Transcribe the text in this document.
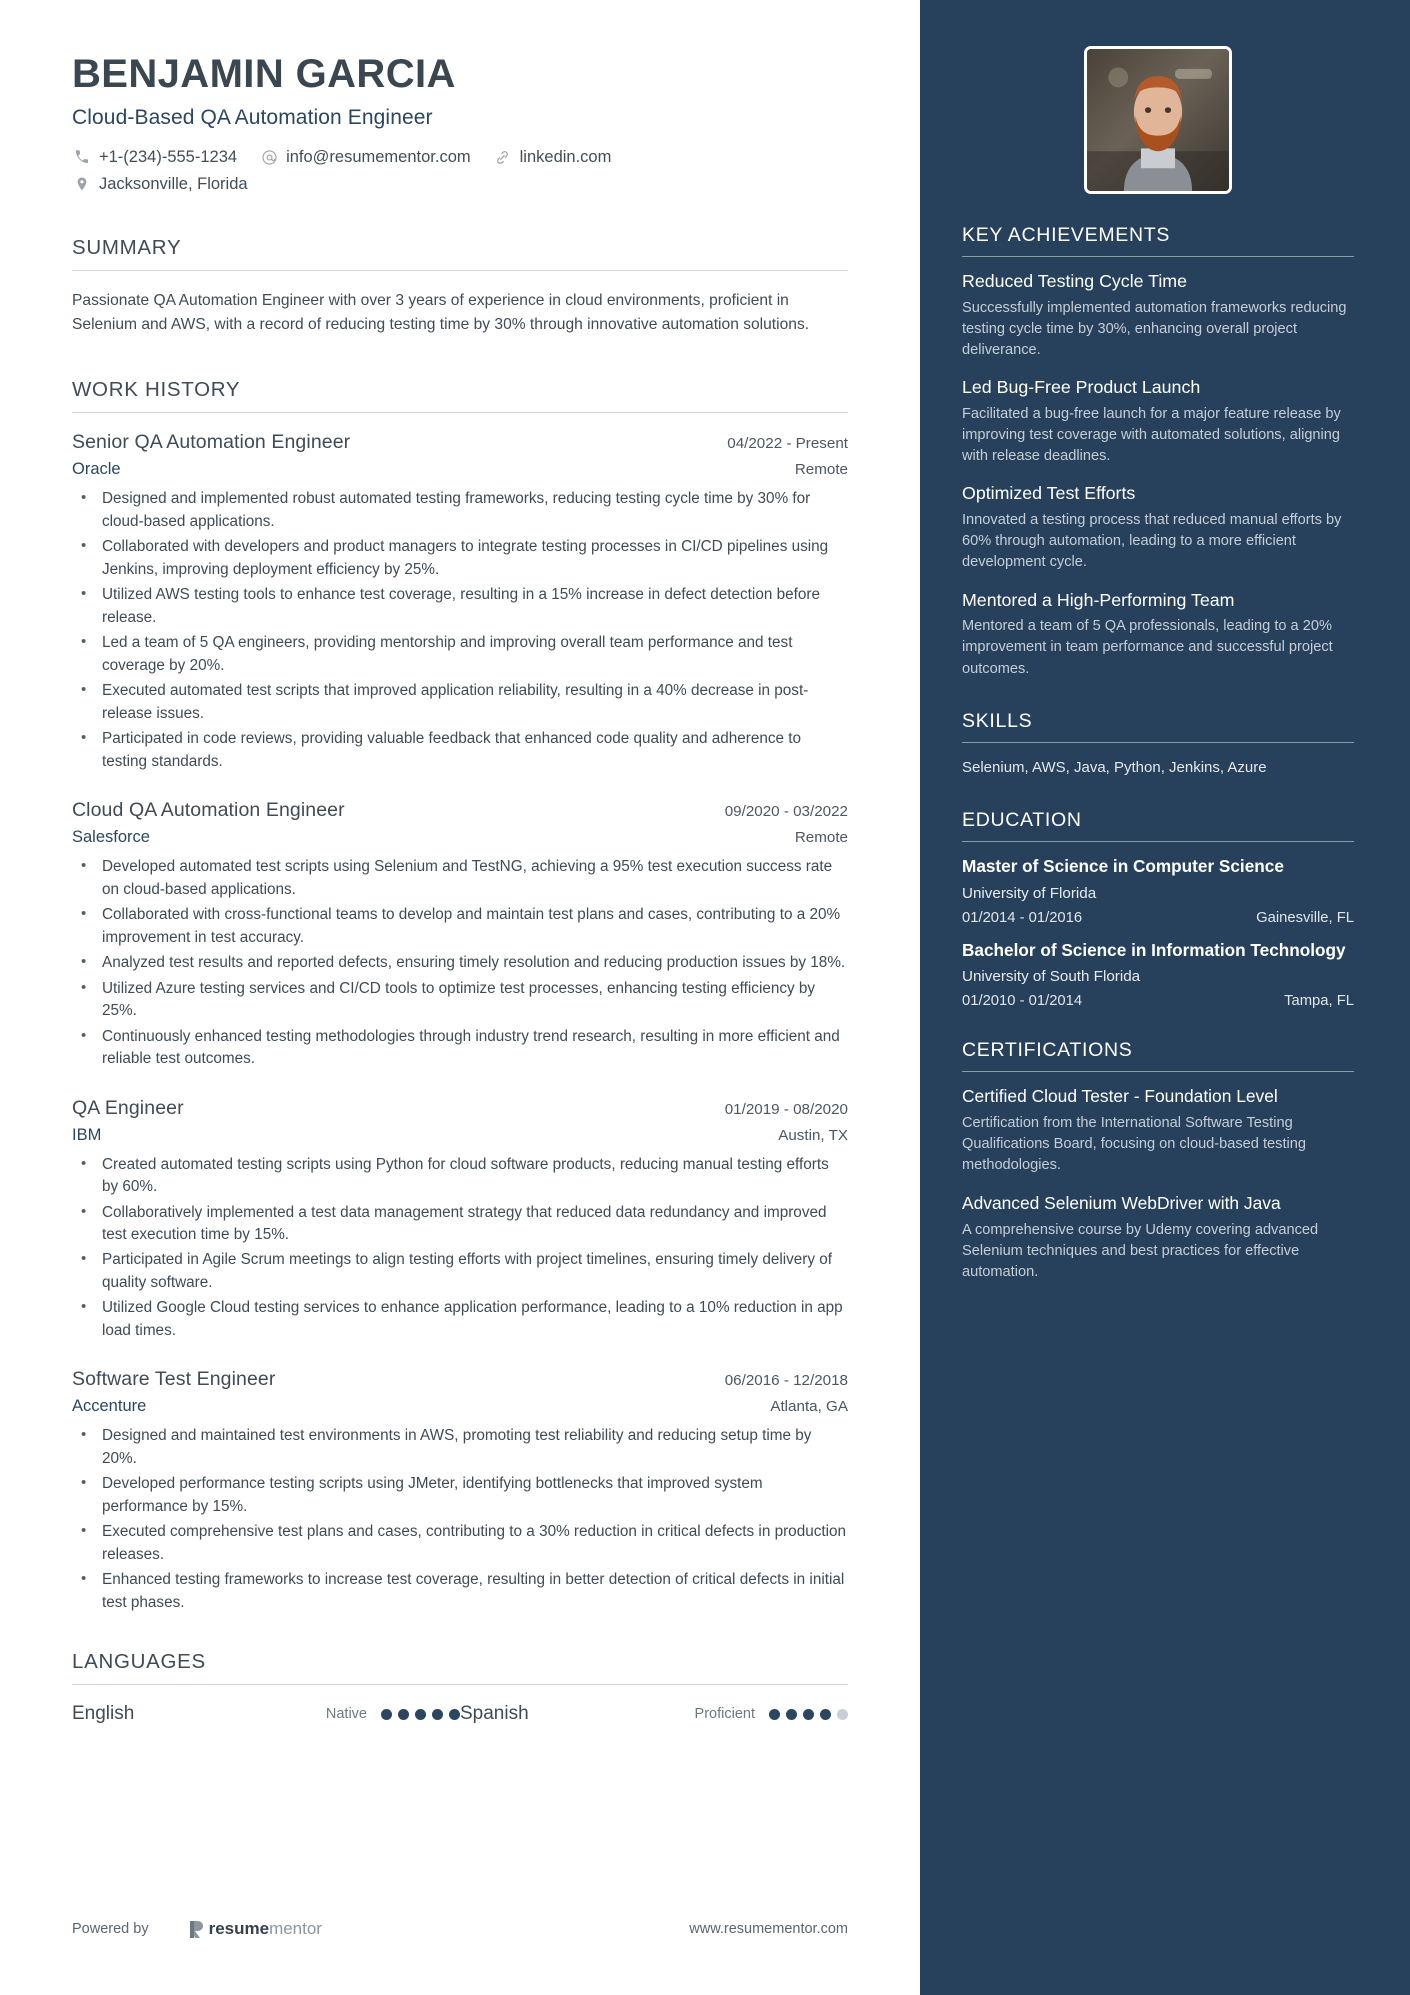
BENJAMIN GARCIA
Cloud-Based QA Automation Engineer
+1-(234)-555-1234	info@resumementor.com	linkedin.com
Jacksonville, Florida
SUMMARY
Passionate QA Automation Engineer with over 3 years of experience in cloud environments, proficient in Selenium and AWS, with a record of reducing testing time by 30% through innovative automation solutions.
WORK HISTORY
Senior QA Automation Engineer	04/2022 - Present
Oracle	Remote
• Designed and implemented robust automated testing frameworks, reducing testing cycle time by 30% for cloud-based applications.
• Collaborated with developers and product managers to integrate testing processes in CI/CD pipelines using Jenkins, improving deployment efficiency by 25%.
• Utilized AWS testing tools to enhance test coverage, resulting in a 15% increase in defect detection before release.
• Led a team of 5 QA engineers, providing mentorship and improving overall team performance and test coverage by 20%.
• Executed automated test scripts that improved application reliability, resulting in a 40% decrease in post-release issues.
• Participated in code reviews, providing valuable feedback that enhanced code quality and adherence to testing standards.
Cloud QA Automation Engineer	09/2020 - 03/2022
Salesforce	Remote
• Developed automated test scripts using Selenium and TestNG, achieving a 95% test execution success rate on cloud-based applications.
• Collaborated with cross-functional teams to develop and maintain test plans and cases, contributing to a 20% improvement in test accuracy.
• Analyzed test results and reported defects, ensuring timely resolution and reducing production issues by 18%.
• Utilized Azure testing services and CI/CD tools to optimize test processes, enhancing testing efficiency by 25%.
• Continuously enhanced testing methodologies through industry trend research, resulting in more efficient and reliable test outcomes.
QA Engineer	01/2019 - 08/2020
IBM	Austin, TX
• Created automated testing scripts using Python for cloud software products, reducing manual testing efforts by 60%.
• Collaboratively implemented a test data management strategy that reduced data redundancy and improved test execution time by 15%.
• Participated in Agile Scrum meetings to align testing efforts with project timelines, ensuring timely delivery of quality software.
• Utilized Google Cloud testing services to enhance application performance, leading to a 10% reduction in app load times.
Software Test Engineer	06/2016 - 12/2018
Accenture	Atlanta, GA
• Designed and maintained test environments in AWS, promoting test reliability and reducing setup time by 20%.
• Developed performance testing scripts using JMeter, identifying bottlenecks that improved system performance by 15%.
• Executed comprehensive test plans and cases, contributing to a 30% reduction in critical defects in production releases.
• Enhanced testing frameworks to increase test coverage, resulting in better detection of critical defects in initial test phases.
LANGUAGES
English	Native	Spanish	Proficient
Powered by	resume mentor	www.resumementor.com
KEY ACHIEVEMENTS
Reduced Testing Cycle Time
Successfully implemented automation frameworks reducing testing cycle time by 30%, enhancing overall project deliverance.
Led Bug-Free Product Launch
Facilitated a bug-free launch for a major feature release by improving test coverage with automated solutions, aligning with release deadlines.
Optimized Test Efforts
Innovated a testing process that reduced manual efforts by 60% through automation, leading to a more efficient development cycle.
Mentored a High-Performing Team
Mentored a team of 5 QA professionals, leading to a 20% improvement in team performance and successful project outcomes.
SKILLS
Selenium, AWS, Java, Python, Jenkins, Azure
EDUCATION
Master of Science in Computer Science
University of Florida
01/2014 - 01/2016	Gainesville, FL
Bachelor of Science in Information Technology
University of South Florida
01/2010 - 01/2014	Tampa, FL
CERTIFICATIONS
Certified Cloud Tester - Foundation Level
Certification from the International Software Testing Qualifications Board, focusing on cloud-based testing methodologies.
Advanced Selenium WebDriver with Java
A comprehensive course by Udemy covering advanced Selenium techniques and best practices for effective automation.
